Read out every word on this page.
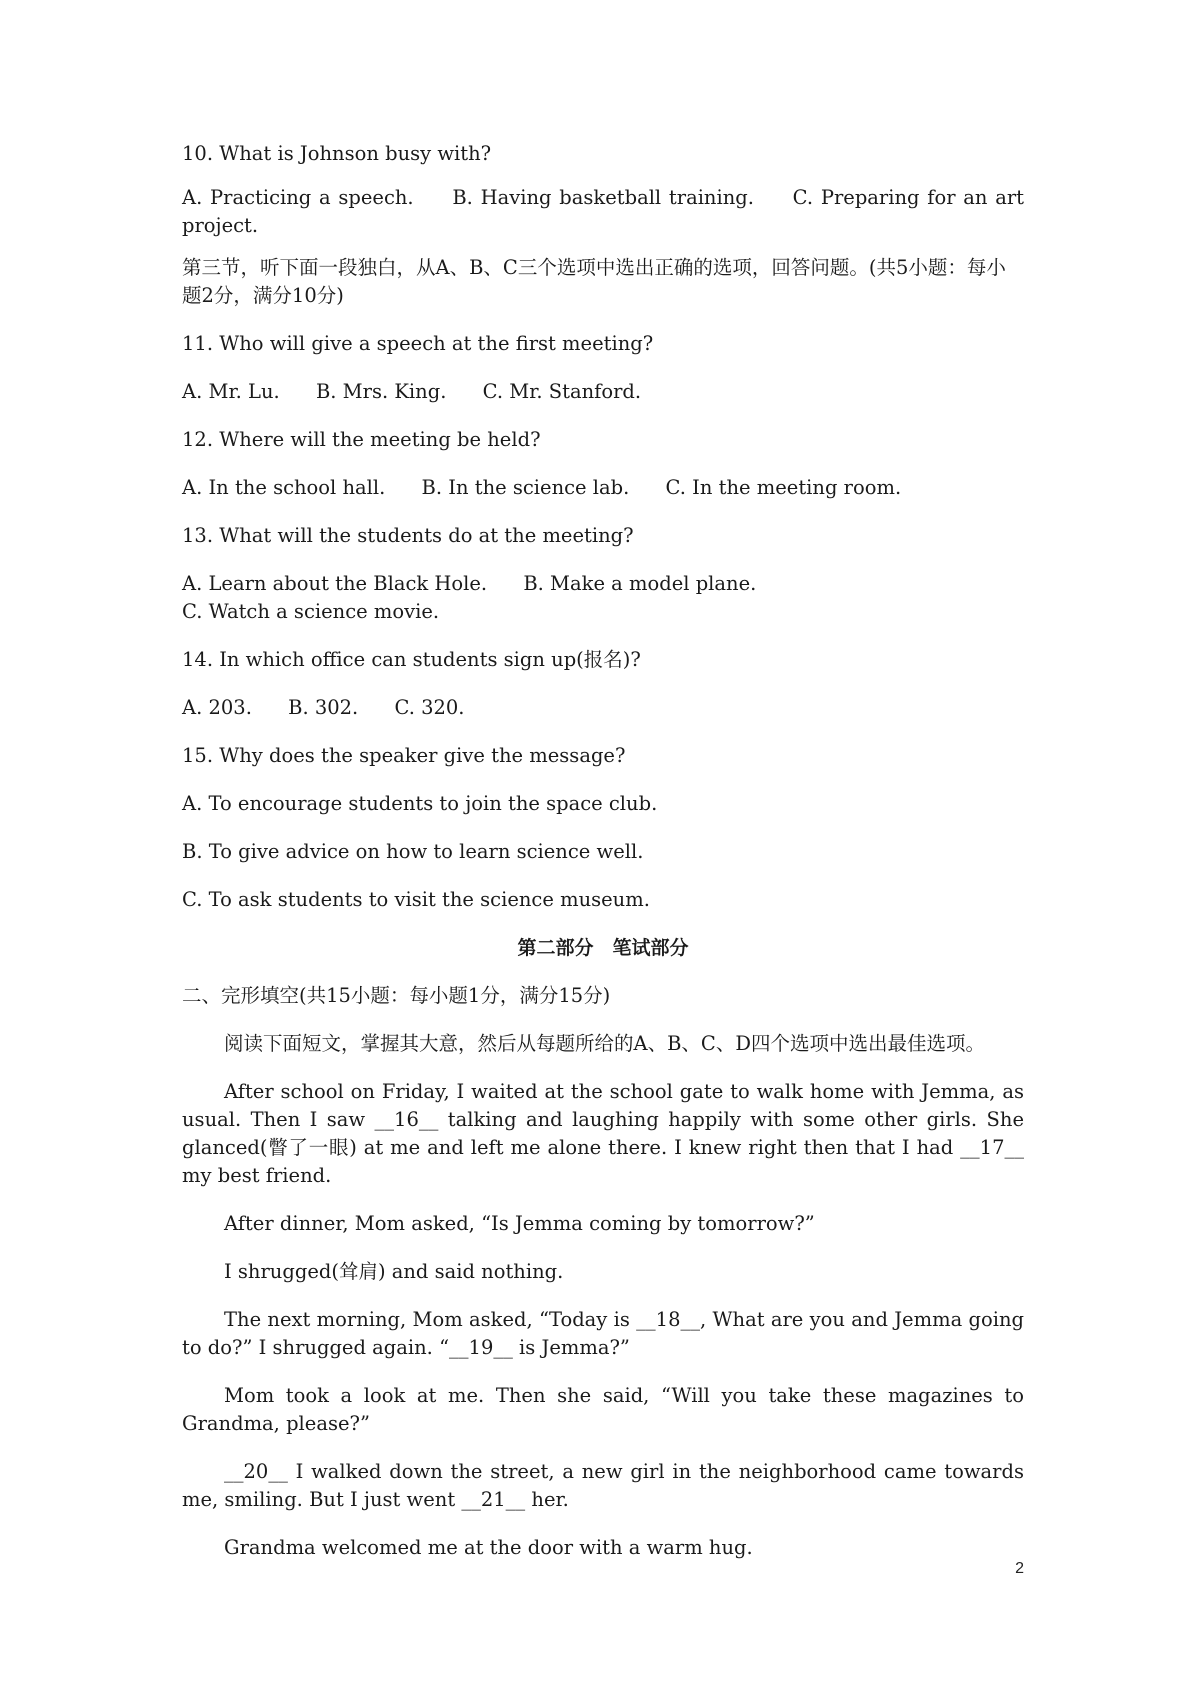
10. What is Johnson busy with?

A. Practicing a speech. B. Having basketball training. C. Preparing for an art project.

第三节，听下面一段独白，从A、B、C三个选项中选出正确的选项，回答问题。(共5小题：每小题2分，满分10分)

11. Who will give a speech at the first meeting?

A. Mr. Lu. B. Mrs. King. C. Mr. Stanford.

12. Where will the meeting be held?

A. In the school hall. B. In the science lab. C. In the meeting room.

13. What will the students do at the meeting?

A. Learn about the Black Hole. B. Make a model plane. C. Watch a science movie.

14. In which office can students sign up(报名)?

A. 203. B. 302. C. 320.

15. Why does the speaker give the message?

A. To encourage students to join the space club.

B. To give advice on how to learn science well.

C. To ask students to visit the science museum.

第二部分　笔试部分

二、完形填空(共15小题：每小题1分，满分15分)

阅读下面短文，掌握其大意，然后从每题所给的A、B、C、D四个选项中选出最佳选项。

After school on Friday, I waited at the school gate to walk home with Jemma, as usual. Then I saw __16__ talking and laughing happily with some other girls. She glanced(瞥了一眼) at me and left me alone there. I knew right then that I had __17__ my best friend.

After dinner, Mom asked, “Is Jemma coming by tomorrow?”

I shrugged(耸肩) and said nothing.

The next morning, Mom asked, “Today is __18__, What are you and Jemma going to do?” I shrugged again. “__19__ is Jemma?”

Mom took a look at me. Then she said, “Will you take these magazines to Grandma, please?”

__20__ I walked down the street, a new girl in the neighborhood came towards me, smiling. But I just went __21__ her.

Grandma welcomed me at the door with a warm hug.

2
